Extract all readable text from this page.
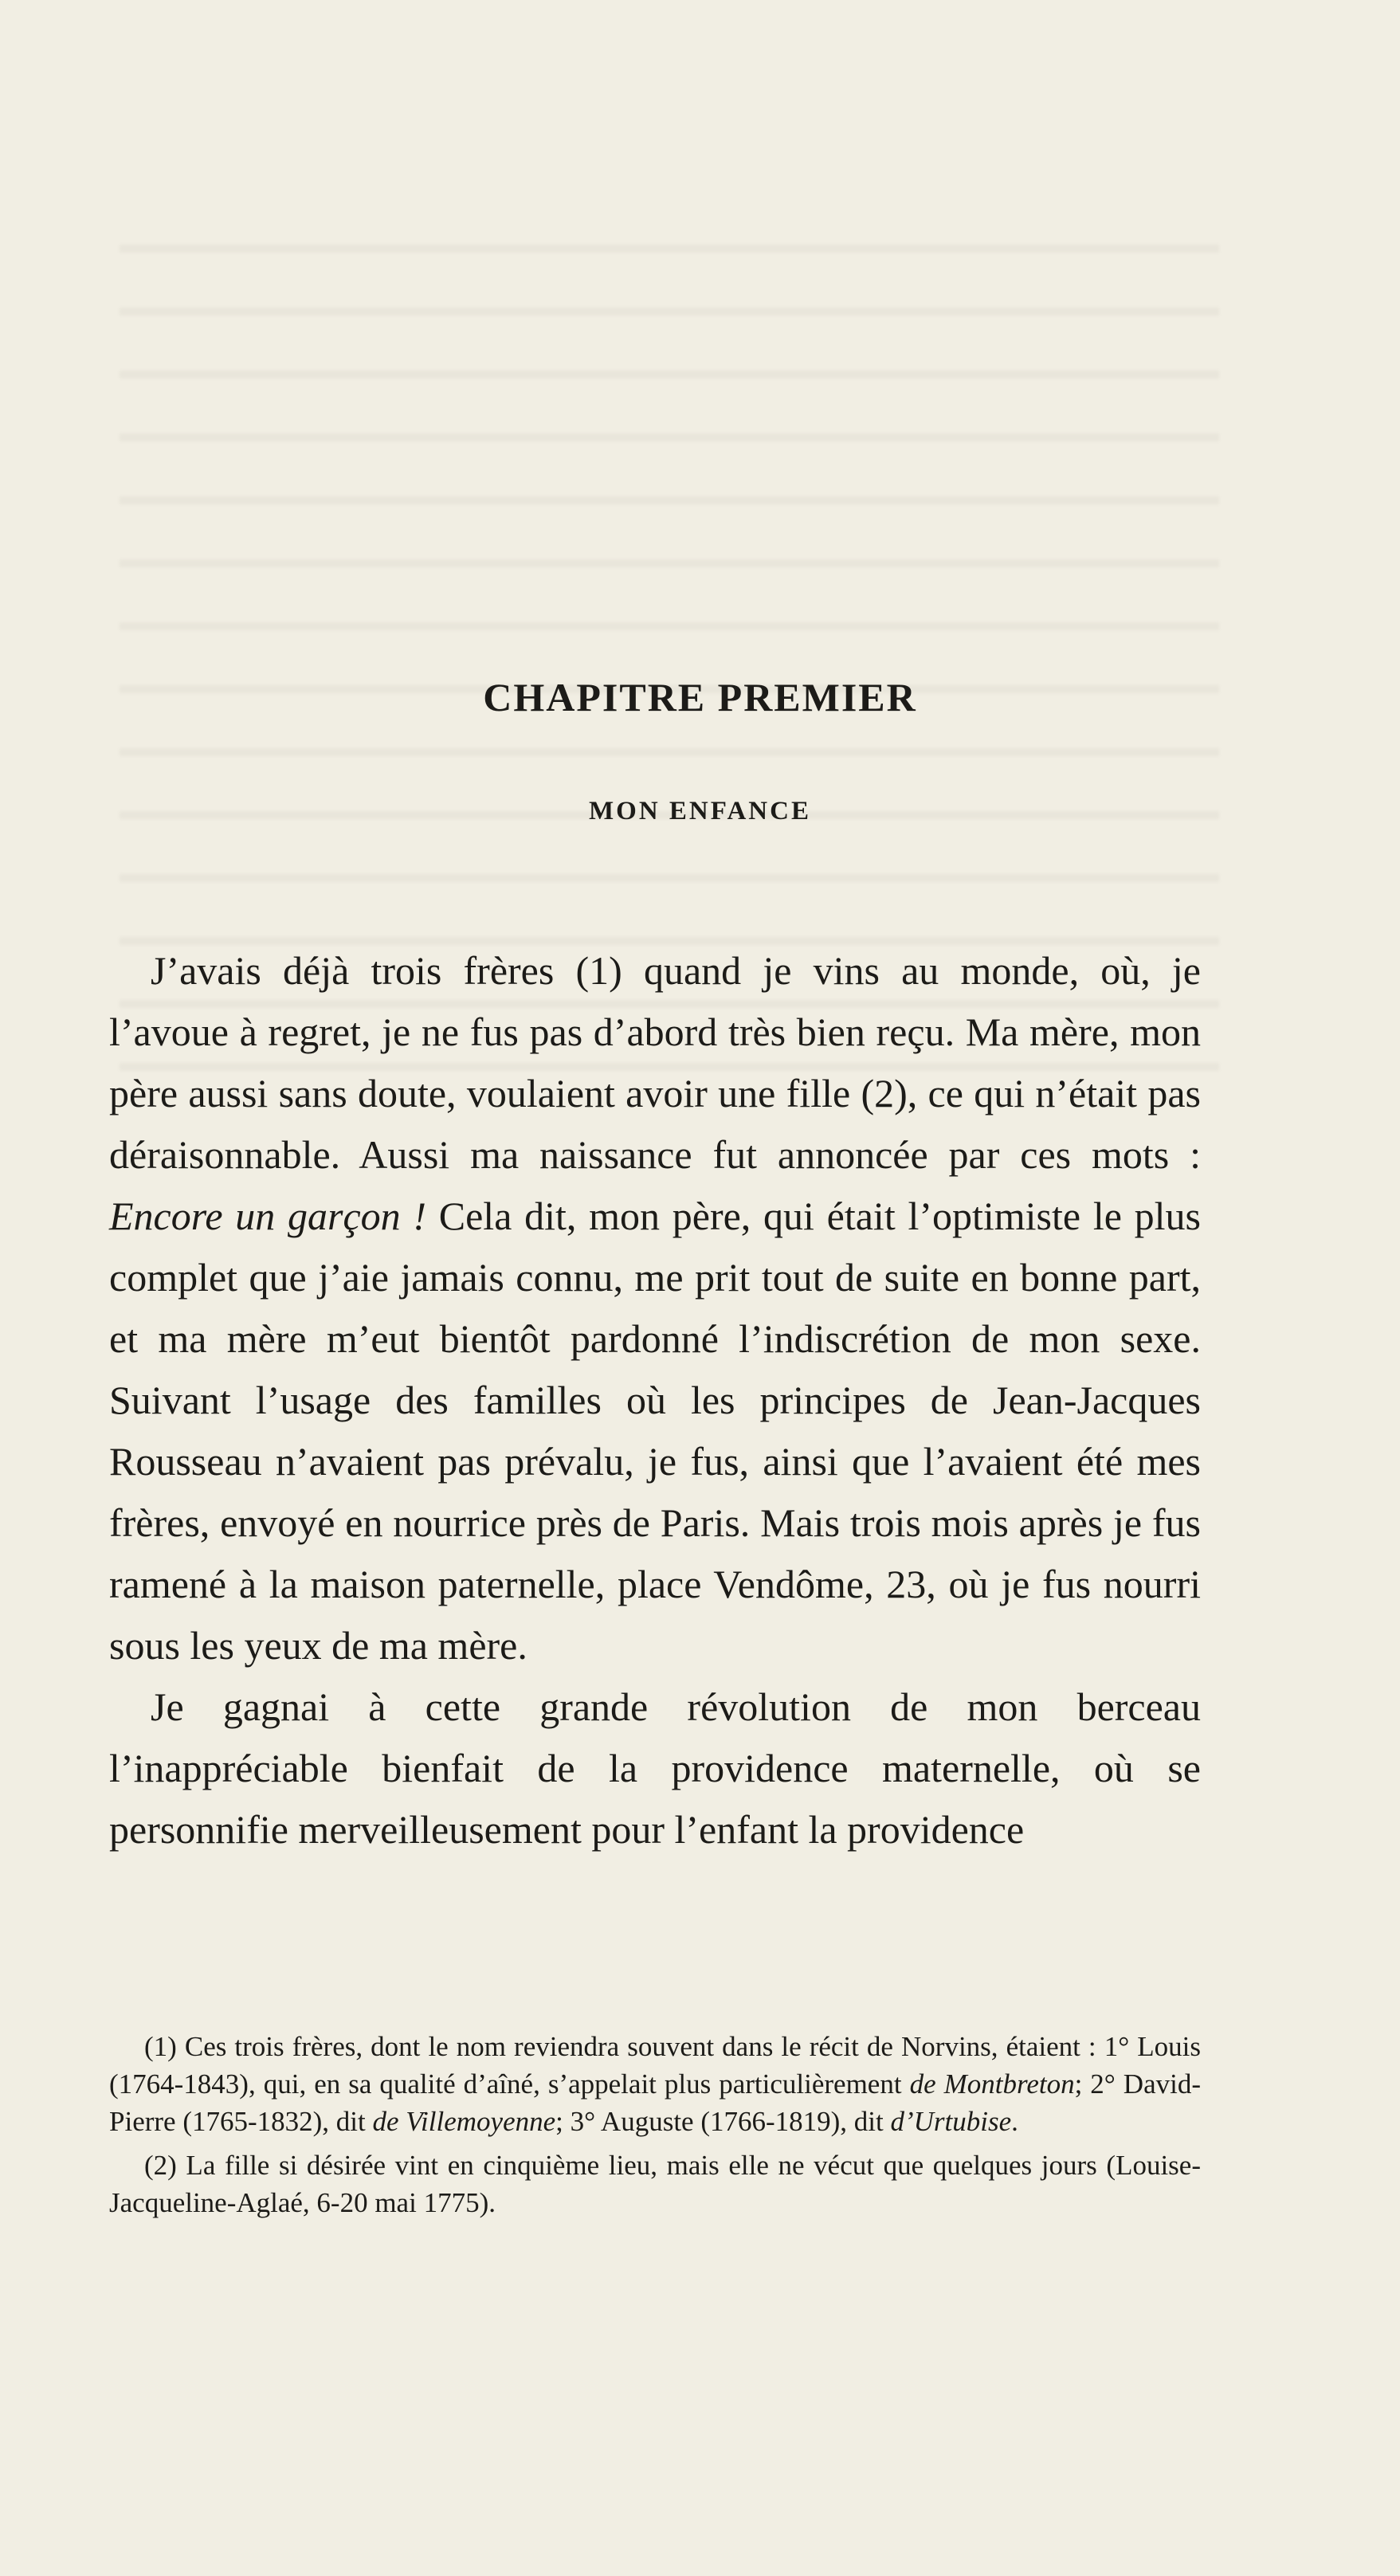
CHAPITRE PREMIER
MON ENFANCE

J’avais déjà trois frères (1) quand je vins au monde, où, je l’avoue à regret, je ne fus pas d’abord très bien reçu. Ma mère, mon père aussi sans doute, voulaient avoir une fille (2), ce qui n’était pas déraisonnable. Aussi ma naissance fut annoncée par ces mots : Encore un garçon ! Cela dit, mon père, qui était l’optimiste le plus complet que j’aie jamais connu, me prit tout de suite en bonne part, et ma mère m’eut bientôt pardonné l’indiscrétion de mon sexe. Suivant l’usage des familles où les principes de Jean-Jacques Rousseau n’avaient pas prévalu, je fus, ainsi que l’avaient été mes frères, envoyé en nourrice près de Paris. Mais trois mois après je fus ramené à la maison paternelle, place Vendôme, 23, où je fus nourri sous les yeux de ma mère.

Je gagnai à cette grande révolution de mon berceau l’inappréciable bienfait de la providence maternelle, où se personnifie merveilleusement pour l’enfant la providence

(1) Ces trois frères, dont le nom reviendra souvent dans le récit de Norvins, étaient : 1° Louis (1764-1843), qui, en sa qualité d’aîné, s’appelait plus particulièrement de Montbreton; 2° David-Pierre (1765-1832), dit de Villemoyenne; 3° Auguste (1766-1819), dit d’Urtubise.

(2) La fille si désirée vint en cinquième lieu, mais elle ne vécut que quelques jours (Louise-Jacqueline-Aglaé, 6-20 mai 1775).
